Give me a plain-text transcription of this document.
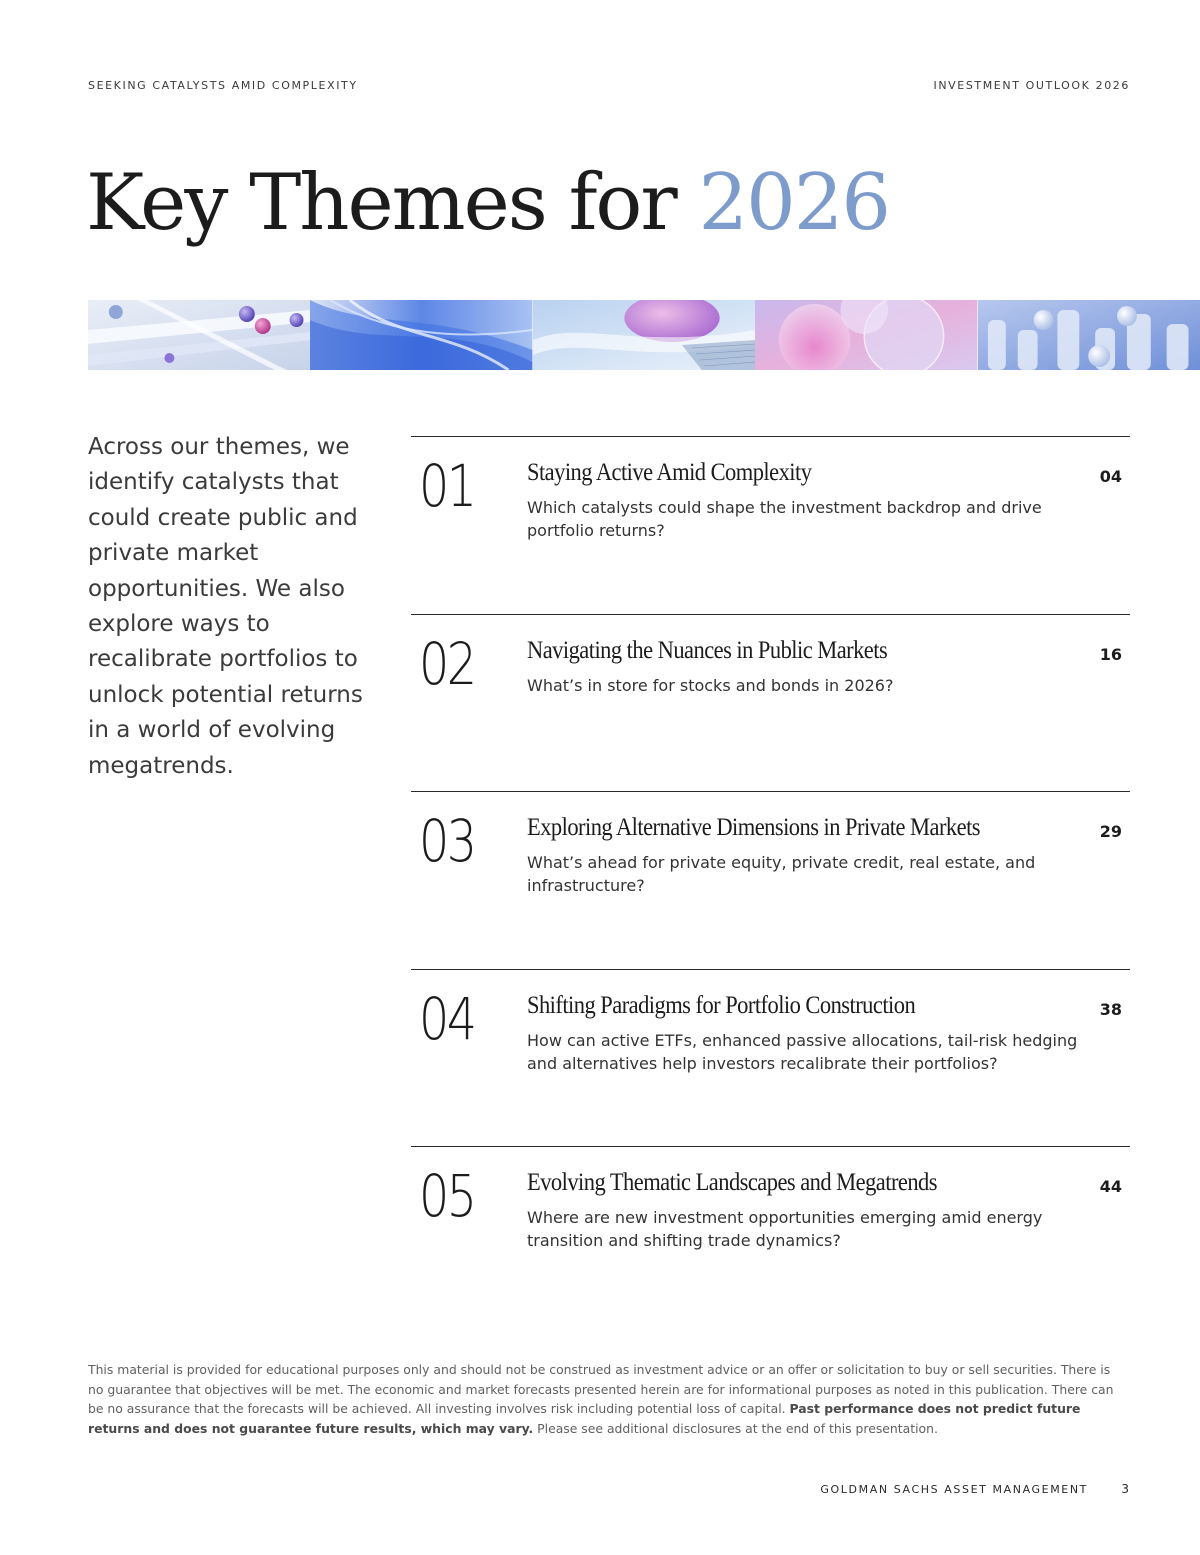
SEEKING CATALYSTS AMID COMPLEXITY	INVESTMENT OUTLOOK 2026
Key Themes for 2026

Across our themes, we identify catalysts that could create public and private market opportunities. We also explore ways to recalibrate portfolios to unlock potential returns in a world of evolving megatrends.

01 Staying Active Amid Complexity

Which catalysts could shape the investment backdrop and drive portfolio returns?

04
02 Navigating the Nuances in Public Markets

What’s in store for stocks and bonds in 2026?

16
03 Exploring Alternative Dimensions in Private Markets

What’s ahead for private equity, private credit, real estate, and infrastructure?

29
04 Shifting Paradigms for Portfolio Construction

How can active ETFs, enhanced passive allocations, tail-risk hedging and alternatives help investors recalibrate their portfolios?

38
05 Evolving Thematic Landscapes and Megatrends

Where are new investment opportunities emerging amid energy transition and shifting trade dynamics?

44

This material is provided for educational purposes only and should not be construed as investment advice or an offer or solicitation to buy or sell securities. There is no guarantee that objectives will be met. The economic and market forecasts presented herein are for informational purposes as noted in this publication. There can be no assurance that the forecasts will be achieved. All investing involves risk including potential loss of capital. Past performance does not predict future returns and does not guarantee future results, which may vary. Please see additional disclosures at the end of this presentation.

GOLDMAN SACHS ASSET MANAGEMENT	3
